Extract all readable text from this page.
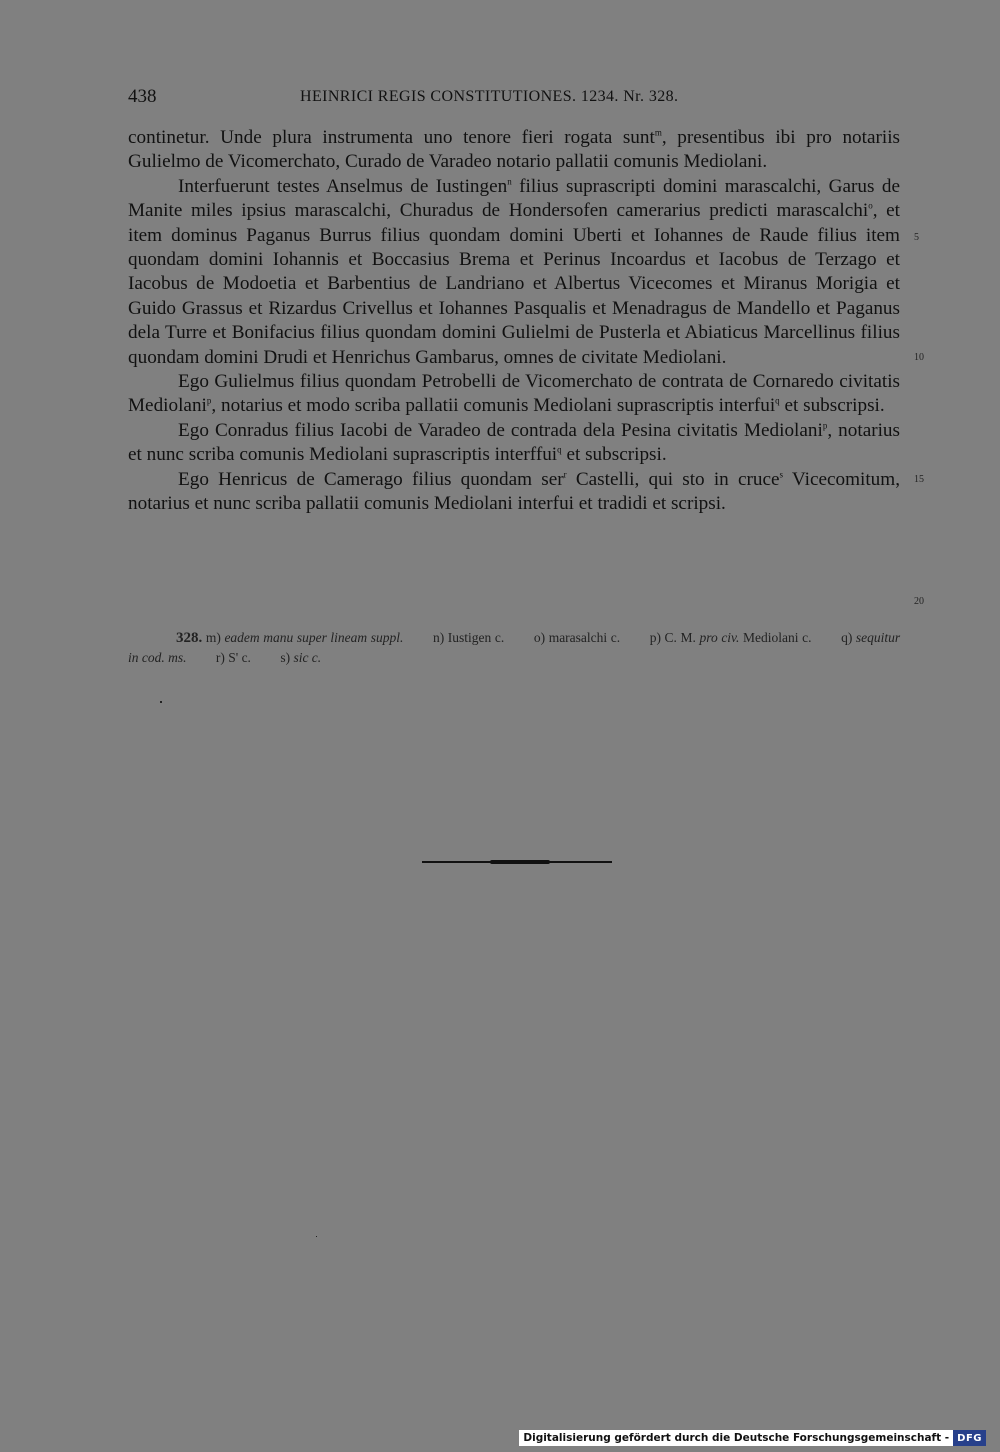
438	HEINRICI REGIS CONSTITUTIONES. 1234. Nr. 328.

continetur. Unde plura instrumenta uno tenore fieri rogata sunt$^m$, presentibus ibi pro notariis Gulielmo de Vicomerchato, Curado de Varadeo notario pallatii comunis Mediolani.

Interfuerunt testes Anselmus de Iustingen$^n$ filius suprascripti domini marascalchi, Garus de Manite miles ipsius marascalchi, Churadus de Hondersofen camerarius predicti marascalchi$^o$, et item dominus Paganus Burrus filius quondam domini Uberti et Iohannes de Raude filius item quondam domini Iohannis et Boccasius Brema et Perinus Incoardus et Iacobus de Terzago et Iacobus de Modoetia et Barbentius de Landriano et Albertus Vicecomes et Miranus Morigia et Guido Grassus et Rizardus Crivellus et Iohannes Pasqualis et Menadragus de Mandello et Paganus dela Turre et Bonifacius filius quondam domini Gulielmi de Pusterla et Abiaticus Marcellinus filius quondam domini Drudi et Henrichus Gambarus, omnes de civitate Mediolani.

Ego Gulielmus filius quondam Petrobelli de Vicomerchato de contrata de Cornaredo civitatis Mediolani$^p$, notarius et modo scriba pallatii comunis Mediolani suprascriptis interfui$^q$ et subscripsi.

Ego Conradus filius Iacobi de Varadeo de contrada dela Pesina civitatis Mediolani$^p$, notarius et nunc scriba comunis Mediolani suprascriptis interffui$^q$ et subscripsi.

Ego Henricus de Camerago filius quondam ser$^r$ Castelli, qui sto in cruce$^s$ Vicecomitum, notarius et nunc scriba pallatii comunis Mediolani interfui et tradidi et scripsi.

5
10
15
20
328. m) eadem manu super lineam suppl. n) Iustigen c. o) marasalchi c. p) C. M. pro civ. Mediolani c. q) sequitur in cod. ms. r) S' c. s) sic c.
Digitalisierung gefördert durch die Deutsche Forschungsgemeinschaft - DFG
